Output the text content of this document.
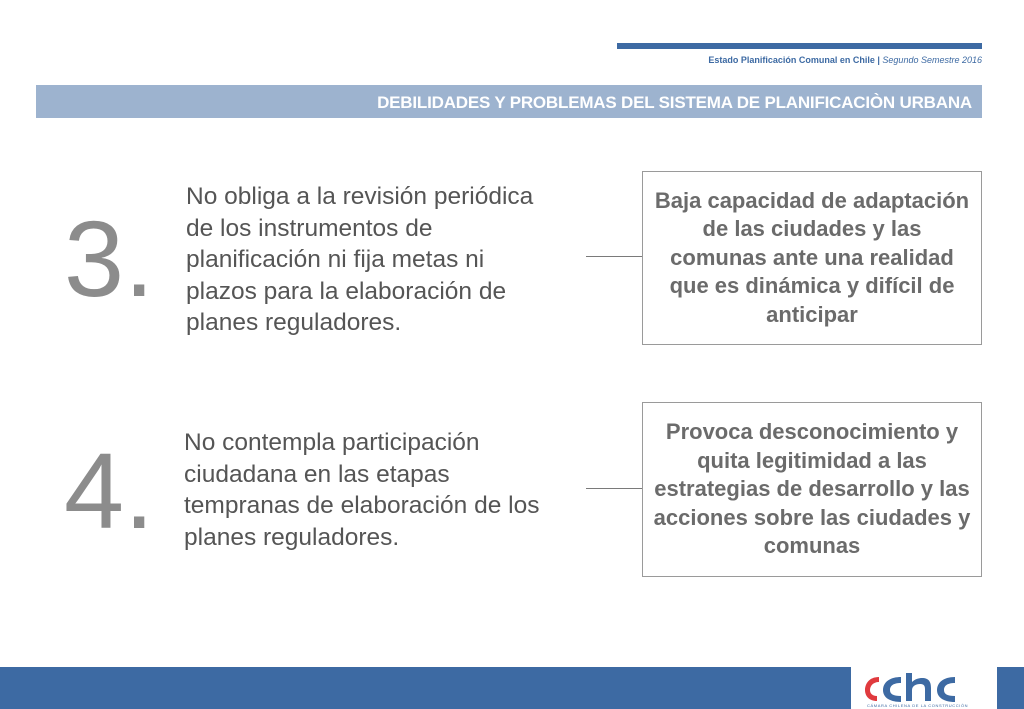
Estado Planificación Comunal en Chile | Segundo Semestre 2016
DEBILIDADES Y PROBLEMAS DEL SISTEMA DE PLANIFICACIÒN URBANA
3.
No obliga a la revisión periódica de los instrumentos de planificación ni fija metas ni plazos para la elaboración de planes reguladores.
Baja capacidad de adaptación de las ciudades y las comunas ante una realidad que es dinámica y difícil de anticipar
4. No contempla participación ciudadana en las etapas tempranas de elaboración de los planes reguladores.
Provoca desconocimiento y quita legitimidad a las estrategias de desarrollo y las acciones sobre las ciudades y comunas
CÁMARA CHILENA DE LA CONSTRUCCIÓN
